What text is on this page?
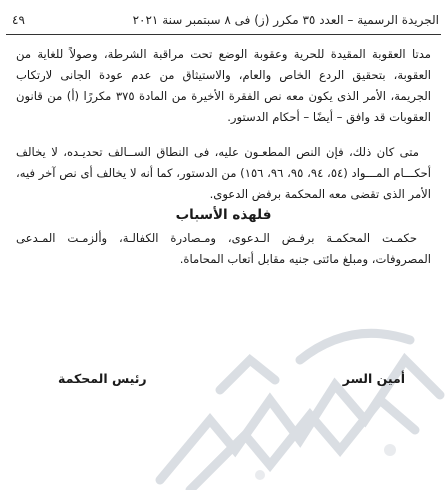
الجريدة الرسمية – العدد ٣٥ مكرر (ز) فى ٨ سبتمبر سنة ٢٠٢١
٤٩

مدتا العقوبة المقيدة للحرية وعقوبة الوضع تحت مراقبة الشرطة، وصولاً للغاية من العقوبة، بتحقيق الردع الخاص والعام، والاستيثاق من عدم عودة الجانى لارتكاب الجريمة، الأمر الذى يكون معه نص الفقرة الأخيرة من المادة ٣٧٥ مكررًا (أ) من قانون العقوبات قد وافق – أيضًا – أحكام الدستور.

متى كان ذلك، فإن النص المطعـون عليه، فى النطاق الســالف تحديـده، لا يخالف أحكـــام المـــواد (٥٤، ٩٤، ٩٥، ٩٦، ١٥٦) من الدستور، كما أنه لا يخالف أى نص آخر فيه، الأمر الذى تقضى معه المحكمة برفض الدعوى.

فلهذه الأسباب

حكمـت المحكمـة برفـض الـدعوى، ومـصادرة الكفالـة، وألزمـت المـدعى المصروفات، ومبلغ مائتى جنيه مقابل أتعاب المحاماة.

أمين السر
رئيس المحكمة
